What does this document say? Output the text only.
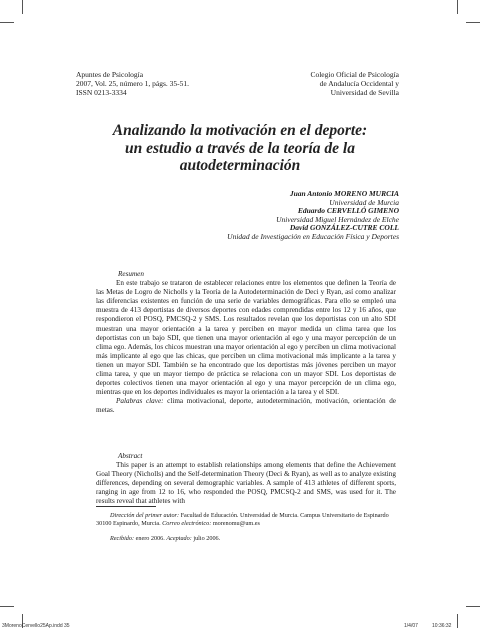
Apuntes de Psicología
2007, Vol. 25, número 1, págs. 35-51.
ISSN 0213-3334
Colegio Oficial de Psicología
de Andalucía Occidental y
Universidad de Sevilla
Analizando la motivación en el deporte:
un estudio a través de la teoría de la
autodeterminación
Juan Antonio MORENO MURCIA
Universidad de Murcia
Eduardo CERVELLÓ GIMENO
Universidad Miguel Hernández de Elche
David GONZÁLEZ-CUTRE COLL
Unidad de Investigación en Educación Física y Deportes
Resumen

En este trabajo se trataron de establecer relaciones entre los elementos que definen la Teoría de las Metas de Logro de Nicholls y la Teoría de la Autodeterminación de Deci y Ryan, así como analizar las diferencias existentes en función de una serie de variables demográficas. Para ello se empleó una muestra de 413 deportistas de diversos deportes con edades comprendidas entre los 12 y 16 años, que respondieron el POSQ, PMCSQ-2 y SMS. Los resultados revelan que los deportistas con un alto SDI muestran una mayor orientación a la tarea y perciben en mayor medida un clima tarea que los deportistas con un bajo SDI, que tienen una mayor orientación al ego y una mayor percepción de un clima ego. Además, los chicos muestran una mayor orientación al ego y perciben un clima motivacional más implicante al ego que las chicas, que perciben un clima motivacional más implicante a la tarea y tienen un mayor SDI. También se ha encontrado que los deportistas más jóvenes perciben un mayor clima tarea, y que un mayor tiempo de práctica se relaciona con un mayor SDI. Los deportistas de deportes colectivos tienen una mayor orientación al ego y una mayor percepción de un clima ego, mientras que en los deportes individuales es mayor la orientación a la tarea y el SDI.

Palabras clave: clima motivacional, deporte, autodeterminación, motivación, orientación de metas.

Abstract

This paper is an attempt to establish relationships among elements that define the Achievement Goal Theory (Nicholls) and the Self-determination Theory (Deci & Ryan), as well as to analyze existing differences, depending on several demographic variables. A sample of 413 athletes of different sports, ranging in age from 12 to 16, who responded the POSQ, PMCSQ-2 and SMS, was used for it. The results reveal that athletes with

Dirección del primer autor: Facultad de Educación. Universidad de Murcia. Campus Universitario de Espinardo 30100 Espinardo, Murcia. Correo electrónico: morenomu@um.es
Recibido: enero 2006. Aceptado: julio 2006.
3MorenoCervello25Ap.indd 35	1/4/07	10:36:32
